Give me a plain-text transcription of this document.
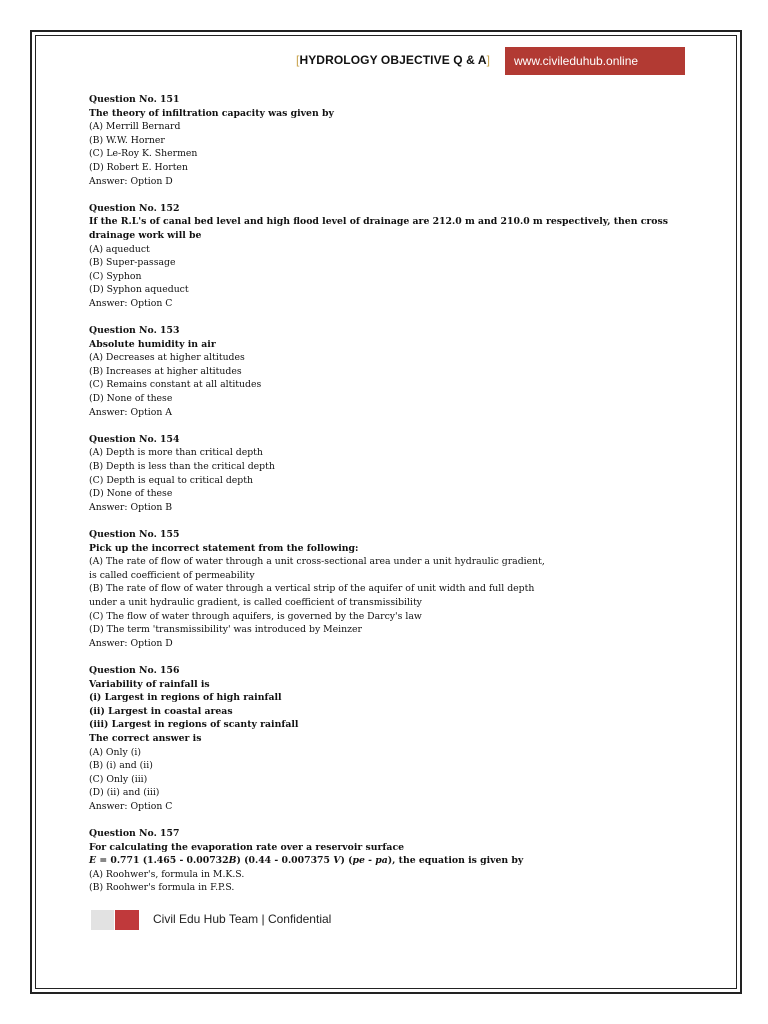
[HYDROLOGY OBJECTIVE Q & A]	www.civileduhub.online
Question No. 151
The theory of infiltration capacity was given by
(A) Merrill Bernard
(B) W.W. Horner
(C) Le-Roy K. Shermen
(D) Robert E. Horten
Answer: Option D
Question No. 152
If the R.L's of canal bed level and high flood level of drainage are 212.0 m and 210.0 m respectively, then cross
drainage work will be
(A) aqueduct
(B) Super-passage
(C) Syphon
(D) Syphon aqueduct
Answer: Option C
Question No. 153
Absolute humidity in air
(A) Decreases at higher altitudes
(B) Increases at higher altitudes
(C) Remains constant at all altitudes
(D) None of these
Answer: Option A
Question No. 154
(A) Depth is more than critical depth
(B) Depth is less than the critical depth
(C) Depth is equal to critical depth
(D) None of these
Answer: Option B
Question No. 155
Pick up the incorrect statement from the following:
(A) The rate of flow of water through a unit cross-sectional area under a unit hydraulic gradient,
is called coefficient of permeability
(B) The rate of flow of water through a vertical strip of the aquifer of unit width and full depth
under a unit hydraulic gradient, is called coefficient of transmissibility
(C) The flow of water through aquifers, is governed by the Darcy's law
(D) The term 'transmissibility' was introduced by Meinzer
Answer: Option D
Question No. 156
Variability of rainfall is
(i) Largest in regions of high rainfall
(ii) Largest in coastal areas
(iii) Largest in regions of scanty rainfall
The correct answer is
(A) Only (i)
(B) (i) and (ii)
(C) Only (iii)
(D) (ii) and (iii)
Answer: Option C
Question No. 157
For calculating the evaporation rate over a reservoir surface
E = 0.771 (1.465 - 0.00732B) (0.44 - 0.007375 V) (pe - pa), the equation is given by
(A) Roohwer's, formula in M.K.S.
(B) Roohwer's formula in F.P.S.
Civil Edu Hub Team | Confidential
